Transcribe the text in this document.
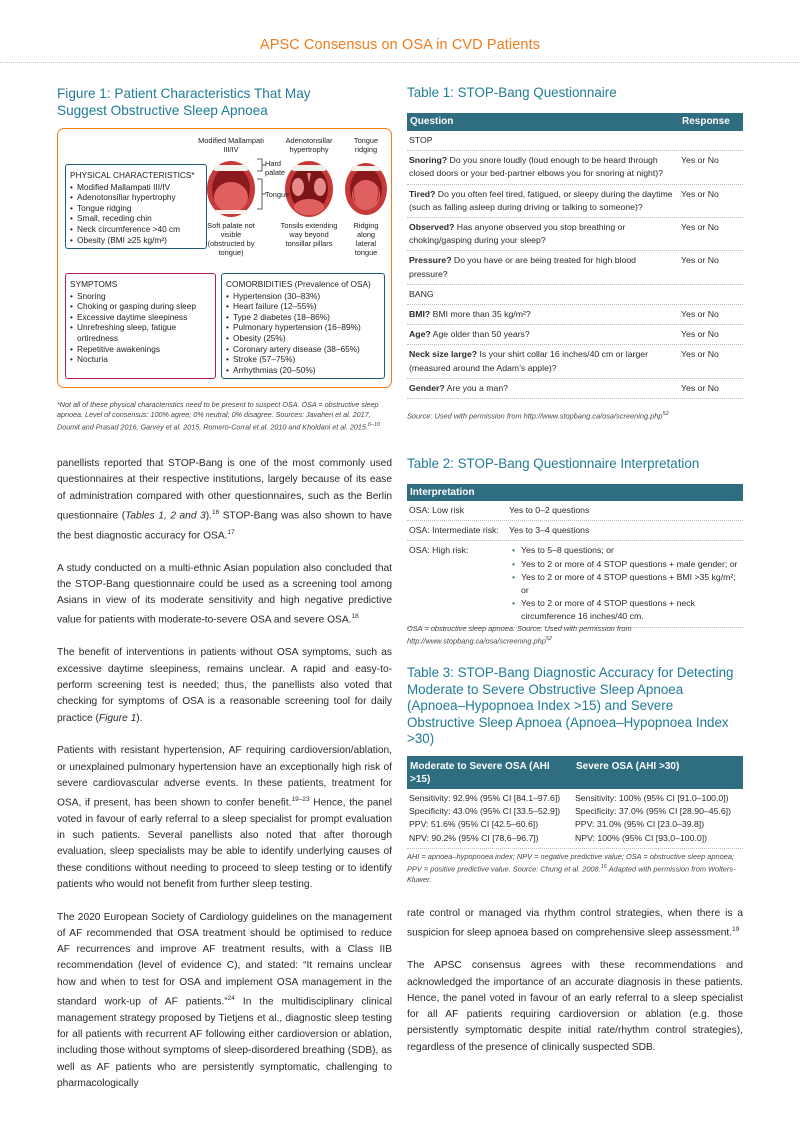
APSC Consensus on OSA in CVD Patients
Figure 1: Patient Characteristics That May Suggest Obstructive Sleep Apnoea
Modified Mallampati III/IV
Adenotonsillar hypertrophy
Tongue ridging
Hard palate
Tongue
Soft palate not visible (obstructed by tongue)
Tonsils extending way beyond tonsillar pillars
Ridging along lateral tongue
PHYSICAL CHARACTERISTICS*
• Modified Mallampati III/IV
• Adenotonsillar hypertrophy
• Tongue ridging
• Small, receding chin
• Neck circumference >40 cm
• Obesity (BMI ≥25 kg/m²)
SYMPTOMS
• Snoring
• Choking or gasping during sleep
• Excessive daytime sleepiness
• Unrefreshing sleep, fatigue ortiredness
• Repetitive awakenings
• Nocturia
COMORBIDITIES (Prevalence of OSA)
• Hypertension (30–83%)
• Heart failure (12–55%)
• Type 2 diabetes (18–86%)
• Pulmonary hypertension (16–89%)
• Obesity (25%)
• Coronary artery disease (38–65%)
• Stroke (57–75%)
• Arrhythmias (20–50%)
*Not all of these physical characteristics need to be present to suspect OSA. OSA = obstructive sleep apnoea. Level of consensus: 100% agree; 0% neutral; 0% disagree. Sources: Javaheri et al. 2017, Doumit and Prasad 2016, Garvey et al. 2015, Romero-Corral et al. 2010 and Kholdani et al. 2015.$^{6-10}$

panellists reported that STOP-Bang is one of the most commonly used questionnaires at their respective institutions, largely because of its ease of administration compared with other questionnaires, such as the Berlin questionnaire (Tables 1, 2 and 3).$^{16}$ STOP-Bang was also shown to have the best diagnostic accuracy for OSA.$^{17}$

A study conducted on a multi-ethnic Asian population also concluded that the STOP-Bang questionnaire could be used as a screening tool among Asians in view of its moderate sensitivity and high negative predictive value for patients with moderate-to-severe OSA and severe OSA.$^{18}$

The benefit of interventions in patients without OSA symptoms, such as excessive daytime sleepiness, remains unclear. A rapid and easy-to-perform screening test is needed; thus, the panellists also voted that checking for symptoms of OSA is a reasonable screening tool for daily practice (Figure 1).

Patients with resistant hypertension, AF requiring cardioversion/ablation, or unexplained pulmonary hypertension have an exceptionally high risk of severe cardiovascular adverse events. In these patients, treatment for OSA, if present, has been shown to confer benefit.$^{19-23}$ Hence, the panel voted in favour of early referral to a sleep specialist for prompt evaluation in such patients. Several panellists also noted that after thorough evaluation, sleep specialists may be able to identify underlying causes of these conditions without needing to proceed to sleep testing or to identify patients who would not benefit from further sleep testing.

The 2020 European Society of Cardiology guidelines on the management of AF recommended that OSA treatment should be optimised to reduce AF recurrences and improve AF treatment results, with a Class IIB recommendation (level of evidence C), and stated: “It remains unclear how and when to test for OSA and implement OSA management in the standard work-up of AF patients.”$^{24}$ In the multidisciplinary clinical management strategy proposed by Tietjens et al., diagnostic sleep testing for all patients with recurrent AF following either cardioversion or ablation, including those without symptoms of sleep-disordered breathing (SDB), as well as AF patients who are persistently symptomatic, challenging to pharmacologically

Table 1: STOP-Bang Questionnaire
Question	Response
STOP
Snoring? Do you snore loudly (loud enough to be heard through closed doors or your bed-partner elbows you for snoring at night)?
Yes or No
Tired? Do you often feel tired, fatigued, or sleepy during the daytime (such as falling asleep during driving or talking to someone)?
Yes or No
Observed? Has anyone observed you stop breathing or choking/gasping during your sleep?
Yes or No
Pressure? Do you have or are being treated for high blood pressure?
Yes or No
BANG
BMI? BMI more than 35 kg/m²?	Yes or No
Age? Age older than 50 years?	Yes or No
Neck size large? Is your shirt collar 16 inches/40 cm or larger (measured around the Adam’s apple)?
Yes or No
Gender? Are you a man?	Yes or No
Source: Used with permission from http://www.stopbang.ca/osa/screening.php$^{52}$
Table 2: STOP-Bang Questionnaire Interpretation
Interpretation
OSA: Low risk	Yes to 0–2 questions
OSA: Intermediate risk:	Yes to 3–4 questions
OSA: High risk:
•	Yes to 5–8 questions; or
• Yes to 2 or more of 4 STOP questions + male gender; or
• Yes to 2 or more of 4 STOP questions + BMI >35 kg/m²; or
• Yes to 2 or more of 4 STOP questions + neck circumference 16 inches/40 cm.
OSA = obstructive sleep apnoea. Source: Used with permission from http://www.stopbang.ca/osa/screening.php$^{52}$
Table 3: STOP-Bang Diagnostic Accuracy for Detecting Moderate to Severe Obstructive Sleep Apnoea (Apnoea–Hypopnoea Index >15) and Severe Obstructive Sleep Apnoea (Apnoea–Hypopnoea Index >30)
Moderate to Severe OSA (AHI >15)
Severe OSA (AHI >30)
Sensitivity: 92.9% (95% CI [84.1–97.6])	Sensitivity: 100% (95% CI [91.0–100.0])
Specificity: 43.0% (95% CI [33.5–52.9])	Specificity: 37.0% (95% CI [28.90–45.6])
PPV: 51.6% (95% CI [42.5–60.6])	PPV: 31.0% (95% CI [23.0–39.8])
NPV: 90.2% (95% CI [78.6–96.7])	NPV: 100% (95% CI [93.0–100.0])
AHI = apnoea–hypopnoea index; NPV = negative predictive value; OSA = obstructive sleep apnoea; PPV = positive predictive value. Source: Chung et al. 2008.16 Adapted with permission from Wolters-Kluwer.

rate control or managed via rhythm control strategies, when there is a suspicion for sleep apnoea based on comprehensive sleep assessment.$^{19}$

The APSC consensus agrees with these recommendations and acknowledged the importance of an accurate diagnosis in these patients. Hence, the panel voted in favour of an early referral to a sleep specialist for all AF patients requiring cardioversion or ablation (e.g. those persistently symptomatic despite initial rate/rhythm control strategies), regardless of the presence of clinically suspected SDB.
